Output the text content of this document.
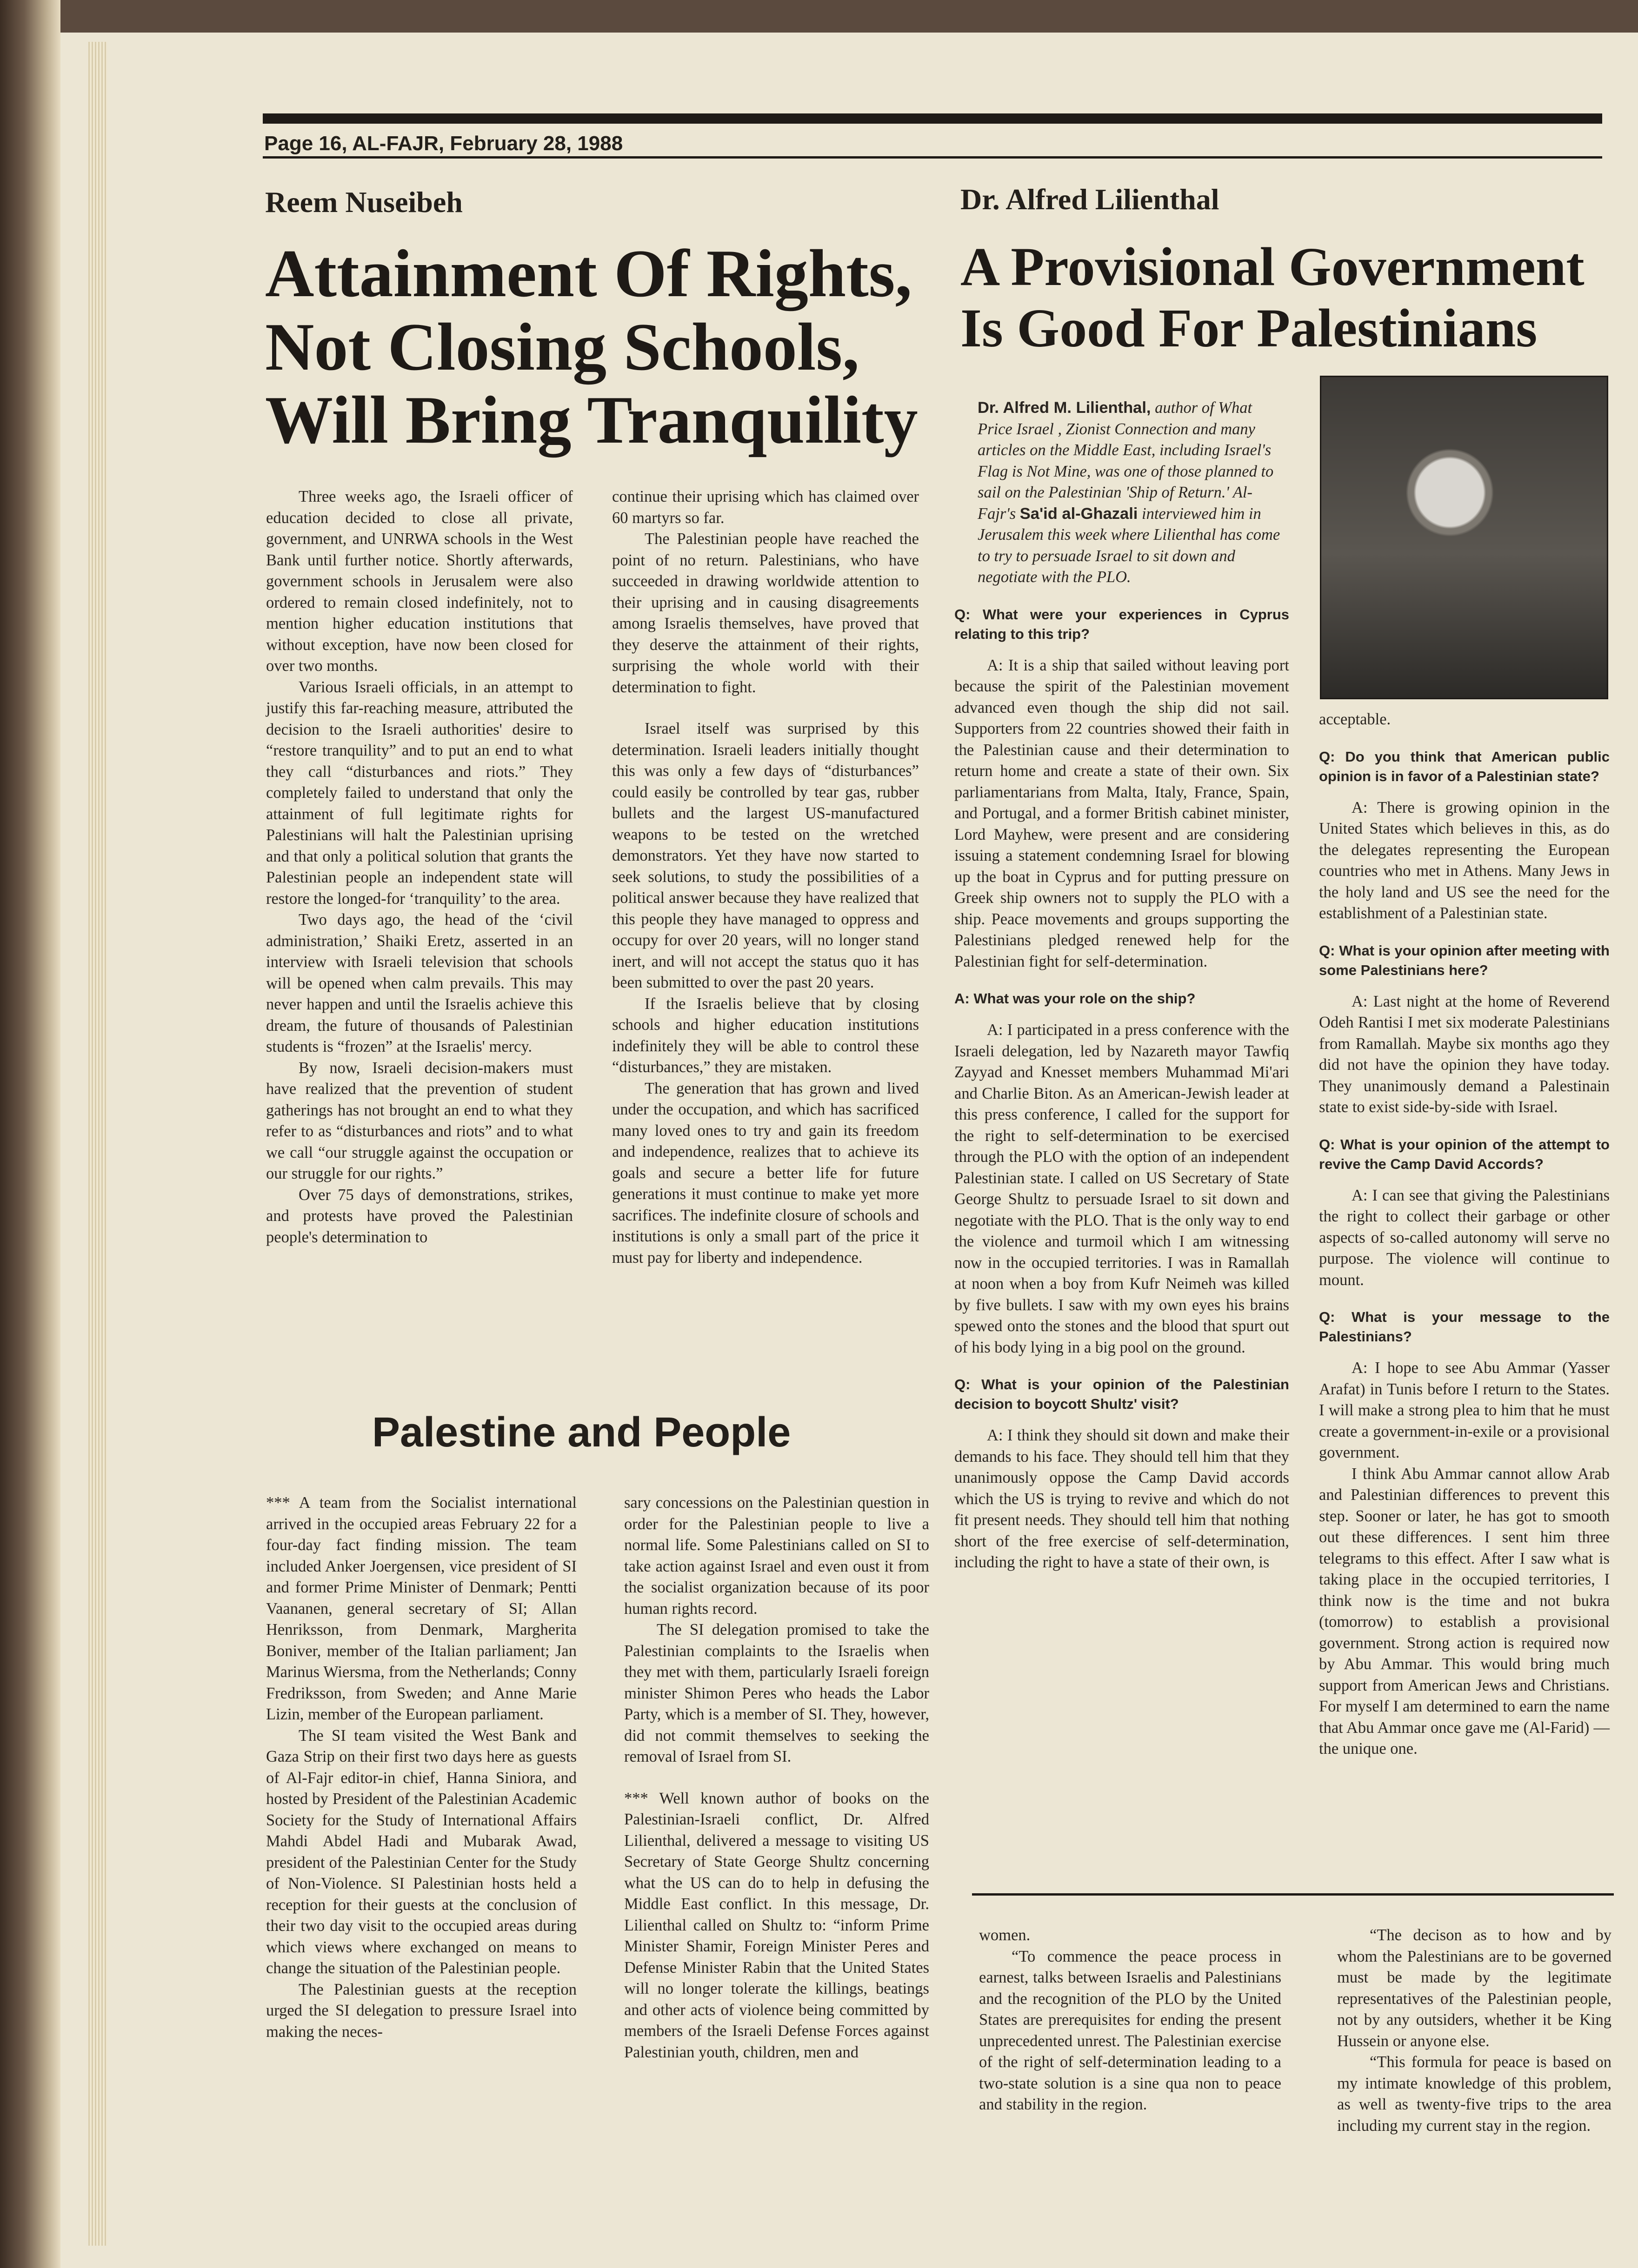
Page 16, AL-FAJR, February 28, 1988
Reem Nuseibeh
Attainment Of Rights,
Not Closing Schools,
Will Bring Tranquility

Three weeks ago, the Israeli officer of education decided to close all private, government, and UNRWA schools in the West Bank until further notice. Shortly afterwards, government schools in Jerusalem were also ordered to remain closed indefinitely, not to mention higher education institutions that without exception, have now been closed for over two months.

Various Israeli officials, in an attempt to justify this far-reaching measure, attributed the decision to the Israeli authorities' desire to “restore tranquility” and to put an end to what they call “disturbances and riots.” They completely failed to understand that only the attainment of full legitimate rights for Palestinians will halt the Palestinian uprising and that only a political solution that grants the Palestinian people an independent state will restore the longed-for ‘tranquility’ to the area.

Two days ago, the head of the ‘civil administration,’ Shaiki Eretz, asserted in an interview with Israeli television that schools will be opened when calm prevails. This may never happen and until the Israelis achieve this dream, the future of thousands of Palestinian students is “frozen” at the Israelis' mercy.

By now, Israeli decision-makers must have realized that the prevention of student gatherings has not brought an end to what they refer to as “disturbances and riots” and to what we call “our struggle against the occupation or our struggle for our rights.”

Over 75 days of demonstrations, strikes, and protests have proved the Palestinian people's determination to

continue their uprising which has claimed over 60 martyrs so far.

The Palestinian people have reached the point of no return. Palestinians, who have succeeded in drawing worldwide attention to their uprising and in causing disagreements among Israelis themselves, have proved that they deserve the attainment of their rights, surprising the whole world with their determination to fight.

Israel itself was surprised by this determination. Israeli leaders initially thought this was only a few days of “disturbances” could easily be controlled by tear gas, rubber bullets and the largest US-manufactured weapons to be tested on the wretched demonstrators. Yet they have now started to seek solutions, to study the possibilities of a political answer because they have realized that this people they have managed to oppress and occupy for over 20 years, will no longer stand inert, and will not accept the status quo it has been submitted to over the past 20 years.

If the Israelis believe that by closing schools and higher education institutions indefinitely they will be able to control these “disturbances,” they are mistaken.

The generation that has grown and lived under the occupation, and which has sacrificed many loved ones to try and gain its freedom and independence, realizes that to achieve its goals and secure a better life for future generations it must continue to make yet more sacrifices. The indefinite closure of schools and institutions is only a small part of the price it must pay for liberty and independence.

Palestine and People

*** A team from the Socialist international arrived in the occupied areas February 22 for a four-day fact finding mission. The team included Anker Joergensen, vice president of SI and former Prime Minister of Denmark; Pentti Vaananen, general secretary of SI; Allan Henriksson, from Denmark, Margherita Boniver, member of the Italian parliament; Jan Marinus Wiersma, from the Netherlands; Conny Fredriksson, from Sweden; and Anne Marie Lizin, member of the European parliament.

The SI team visited the West Bank and Gaza Strip on their first two days here as guests of Al-Fajr editor-in chief, Hanna Siniora, and hosted by President of the Palestinian Academic Society for the Study of International Affairs Mahdi Abdel Hadi and Mubarak Awad, president of the Palestinian Center for the Study of Non-Violence. SI Palestinian hosts held a reception for their guests at the conclusion of their two day visit to the occupied areas during which views where exchanged on means to change the situation of the Palestinian people.

The Palestinian guests at the reception urged the SI delegation to pressure Israel into making the neces-

sary concessions on the Palestinian question in order for the Palestinian people to live a normal life. Some Palestinians called on SI to take action against Israel and even oust it from the socialist organization because of its poor human rights record.

The SI delegation promised to take the Palestinian complaints to the Israelis when they met with them, particularly Israeli foreign minister Shimon Peres who heads the Labor Party, which is a member of SI. They, however, did not commit themselves to seeking the removal of Israel from SI.

*** Well known author of books on the Palestinian-Israeli conflict, Dr. Alfred Lilienthal, delivered a message to visiting US Secretary of State George Shultz concerning what the US can do to help in defusing the Middle East conflict. In this message, Dr. Lilienthal called on Shultz to: “inform Prime Minister Shamir, Foreign Minister Peres and Defense Minister Rabin that the United States will no longer tolerate the killings, beatings and other acts of violence being committed by members of the Israeli Defense Forces against Palestinian youth, children, men and

Dr. Alfred Lilienthal
A Provisional Government
Is Good For Palestinians

Dr. Alfred M. Lilienthal, author of What Price Israel , Zionist Connection and many articles on the Middle East, including Israel's Flag is Not Mine, was one of those planned to sail on the Palestinian 'Ship of Return.' Al-Fajr's Sa'id al-Ghazali interviewed him in Jerusalem this week where Lilienthal has come to try to persuade Israel to sit down and negotiate with the PLO.

Q: What were your experiences in Cyprus relating to this trip?

A: It is a ship that sailed without leaving port because the spirit of the Palestinian movement advanced even though the ship did not sail. Supporters from 22 countries showed their faith in the Palestinian cause and their determination to return home and create a state of their own. Six parliamentarians from Malta, Italy, France, Spain, and Portugal, and a former British cabinet minister, Lord Mayhew, were present and are considering issuing a statement condemning Israel for blowing up the boat in Cyprus and for putting pressure on Greek ship owners not to supply the PLO with a ship. Peace movements and groups supporting the Palestinians pledged renewed help for the Palestinian fight for self-determination.

A: What was your role on the ship?

A: I participated in a press conference with the Israeli delegation, led by Nazareth mayor Tawfiq Zayyad and Knesset members Muhammad Mi'ari and Charlie Biton. As an American-Jewish leader at this press conference, I called for the support for the right to self-determination to be exercised through the PLO with the option of an independent Palestinian state. I called on US Secretary of State George Shultz to persuade Israel to sit down and negotiate with the PLO. That is the only way to end the violence and turmoil which I am witnessing now in the occupied territories. I was in Ramallah at noon when a boy from Kufr Neimeh was killed by five bullets. I saw with my own eyes his brains spewed onto the stones and the blood that spurt out of his body lying in a big pool on the ground.

Q: What is your opinion of the Palestinian decision to boycott Shultz' visit?

A: I think they should sit down and make their demands to his face. They should tell him that they unanimously oppose the Camp David accords which the US is trying to revive and which do not fit present needs. They should tell him that nothing short of the free exercise of self-determination, including the right to have a state of their own, is

acceptable.

Q: Do you think that American public opinion is in favor of a Palestinian state?

A: There is growing opinion in the United States which believes in this, as do the delegates representing the European countries who met in Athens. Many Jews in the holy land and US see the need for the establishment of a Palestinian state.

Q: What is your opinion after meeting with some Palestinians here?

A: Last night at the home of Reverend Odeh Rantisi I met six moderate Palestinians from Ramallah. Maybe six months ago they did not have the opinion they have today. They unanimously demand a Palestinain state to exist side-by-side with Israel.

Q: What is your opinion of the attempt to revive the Camp David Accords?

A: I can see that giving the Palestinians the right to collect their garbage or other aspects of so-called autonomy will serve no purpose. The violence will continue to mount.

Q: What is your message to the Palestinians?

A: I hope to see Abu Ammar (Yasser Arafat) in Tunis before I return to the States. I will make a strong plea to him that he must create a government-in-exile or a provisional government.

I think Abu Ammar cannot allow Arab and Palestinian differences to prevent this step. Sooner or later, he has got to smooth out these differences. I sent him three telegrams to this effect. After I saw what is taking place in the occupied territories, I think now is the time and not bukra (tomorrow) to establish a provisional government. Strong action is required now by Abu Ammar. This would bring much support from American Jews and Christians. For myself I am determined to earn the name that Abu Ammar once gave me (Al-Farid) — the unique one.

women.

“To commence the peace process in earnest, talks between Israelis and Palestinians and the recognition of the PLO by the United States are prerequisites for ending the present unprecedented unrest. The Palestinian exercise of the right of self-determination leading to a two-state solution is a sine qua non to peace and stability in the region.

“The decison as to how and by whom the Palestinians are to be governed must be made by the legitimate representatives of the Palestinian people, not by any outsiders, whether it be King Hussein or anyone else.

“This formula for peace is based on my intimate knowledge of this problem, as well as twenty-five trips to the area including my current stay in the region.
